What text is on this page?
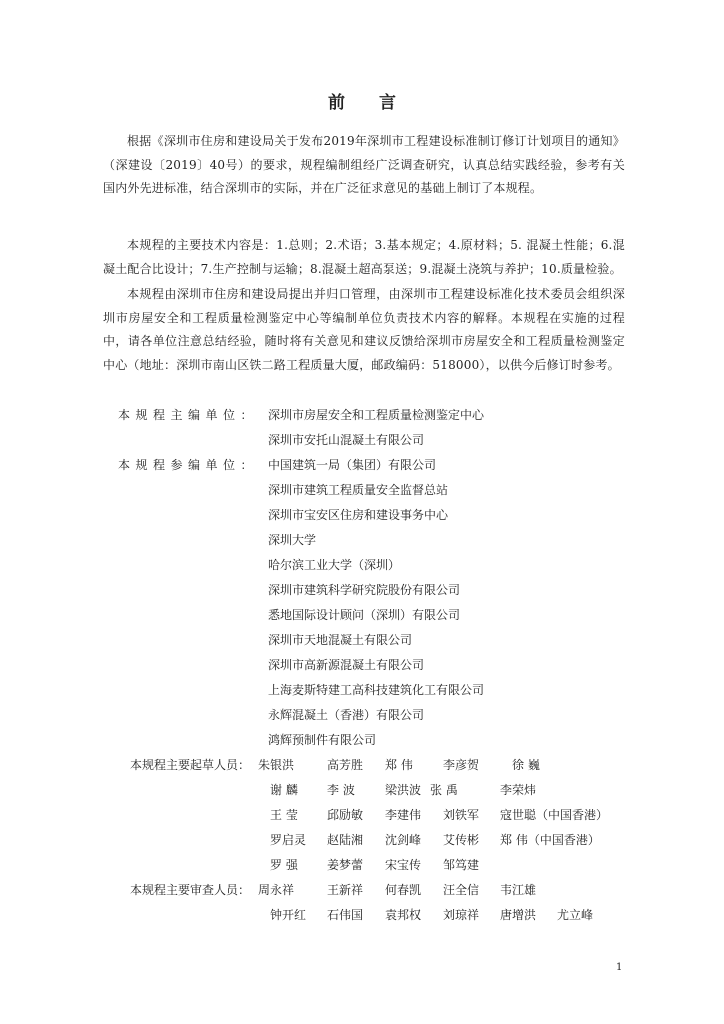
前言
根据《深圳市住房和建设局关于发布2019年深圳市工程建设标准制订修订计划项目的通知》（深建设〔2019〕40号）的要求，规程编制组经广泛调查研究，认真总结实践经验，参考有关国内外先进标准，结合深圳市的实际，并在广泛征求意见的基础上制订了本规程。
本规程的主要技术内容是：1.总则；2.术语；3.基本规定；4.原材料；5. 混凝土性能；6.混凝土配合比设计；7.生产控制与运输；8.混凝土超高泵送；9.混凝土浇筑与养护；10.质量检验。
本规程由深圳市住房和建设局提出并归口管理，由深圳市工程建设标准化技术委员会组织深圳市房屋安全和工程质量检测鉴定中心等编制单位负责技术内容的解释。本规程在实施的过程中，请各单位注意总结经验，随时将有关意见和建议反馈给深圳市房屋安全和工程质量检测鉴定中心（地址：深圳市南山区铁二路工程质量大厦，邮政编码：518000），以供今后修订时参考。
本规程主编单位： 深圳市房屋安全和工程质量检测鉴定中心
深圳市安托山混凝土有限公司
本规程参编单位： 中国建筑一局（集团）有限公司
深圳市建筑工程质量安全监督总站
深圳市宝安区住房和建设事务中心
深圳大学
哈尔滨工业大学（深圳）
深圳市建筑科学研究院股份有限公司
悉地国际设计顾问（深圳）有限公司
深圳市天地混凝土有限公司
深圳市高新源混凝土有限公司
上海麦斯特建工高科技建筑化工有限公司
永辉混凝土（香港）有限公司
鸿辉预制件有限公司
本规程主要起草人员： 朱银洪	高芳胜 郑 伟	李彦贺	徐 巍
谢 麟 李 波	梁洪波 张 禹	李荣炜
王 莹 邱励敏 李建伟 刘铁军 寇世聪（中国香港）
罗启灵 赵陆湘 沈剑峰 艾传彬 郑 伟（中国香港）
罗 强 姜梦蕾 宋宝传 邹笃建
本规程主要审查人员： 周永祥	王新祥 何春凯 汪全信 韦江雄
钟开红 石伟国 袁邦权 刘琼祥 唐增洪 尤立峰
1
